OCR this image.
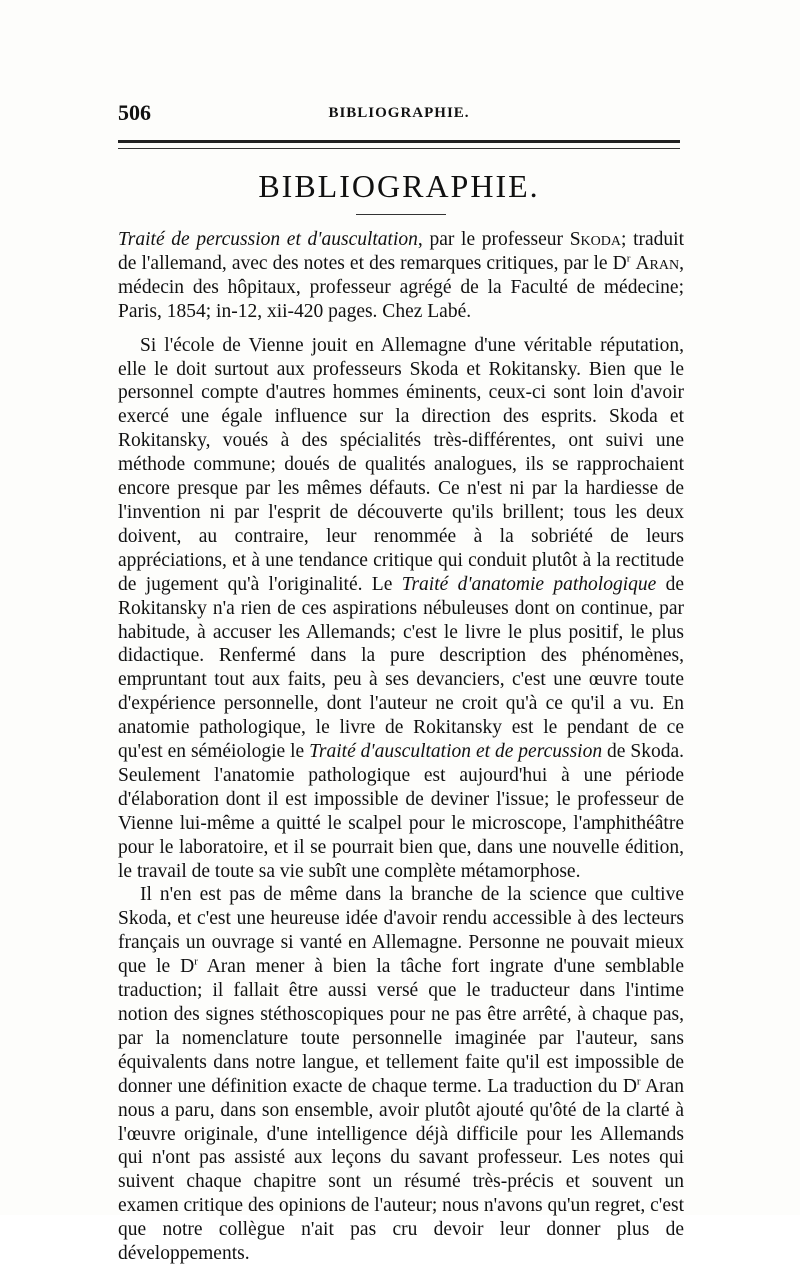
506	BIBLIOGRAPHIE.
BIBLIOGRAPHIE.

Traité de percussion et d'auscultation, par le professeur Skoda; traduit de l'allemand, avec des notes et des remarques critiques, par le $D^r$ Aran, médecin des hôpitaux, professeur agrégé de la Faculté de médecine; Paris, 1854; in-12, xii-420 pages. Chez Labé.

Si l'école de Vienne jouit en Allemagne d'une véritable réputation, elle le doit surtout aux professeurs Skoda et Rokitansky. Bien que le personnel compte d'autres hommes éminents, ceux-ci sont loin d'avoir exercé une égale influence sur la direction des esprits. Skoda et Rokitansky, voués à des spécialités très-différentes, ont suivi une méthode commune; doués de qualités analogues, ils se rapprochaient encore presque par les mêmes défauts. Ce n'est ni par la hardiesse de l'invention ni par l'esprit de découverte qu'ils brillent; tous les deux doivent, au contraire, leur renommée à la sobriété de leurs appréciations, et à une tendance critique qui conduit plutôt à la rectitude de jugement qu'à l'originalité. Le Traité d'anatomie pathologique de Rokitansky n'a rien de ces aspirations nébuleuses dont on continue, par habitude, à accuser les Allemands; c'est le livre le plus positif, le plus didactique. Renfermé dans la pure description des phénomènes, empruntant tout aux faits, peu à ses devanciers, c'est une œuvre toute d'expérience personnelle, dont l'auteur ne croit qu'à ce qu'il a vu. En anatomie pathologique, le livre de Rokitansky est le pendant de ce qu'est en séméiologie le Traité d'auscultation et de percussion de Skoda. Seulement l'anatomie pathologique est aujourd'hui à une période d'élaboration dont il est impossible de deviner l'issue; le professeur de Vienne lui-même a quitté le scalpel pour le microscope, l'amphithéâtre pour le laboratoire, et il se pourrait bien que, dans une nouvelle édition, le travail de toute sa vie subît une complète métamorphose.

Il n'en est pas de même dans la branche de la science que cultive Skoda, et c'est une heureuse idée d'avoir rendu accessible à des lecteurs français un ouvrage si vanté en Allemagne. Personne ne pouvait mieux que le $D^r$ Aran mener à bien la tâche fort ingrate d'une semblable traduction; il fallait être aussi versé que le traducteur dans l'intime notion des signes stéthoscopiques pour ne pas être arrêté, à chaque pas, par la nomenclature toute personnelle imaginée par l'auteur, sans équivalents dans notre langue, et tellement faite qu'il est impossible de donner une définition exacte de chaque terme. La traduction du $D^r$ Aran nous a paru, dans son ensemble, avoir plutôt ajouté qu'ôté de la clarté à l'œuvre originale, d'une intelligence déjà difficile pour les Allemands qui n'ont pas assisté aux leçons du savant professeur. Les notes qui suivent chaque chapitre sont un résumé très-précis et souvent un examen critique des opinions de l'auteur; nous n'avons qu'un regret, c'est que notre collègue n'ait pas cru devoir leur donner plus de développements.
